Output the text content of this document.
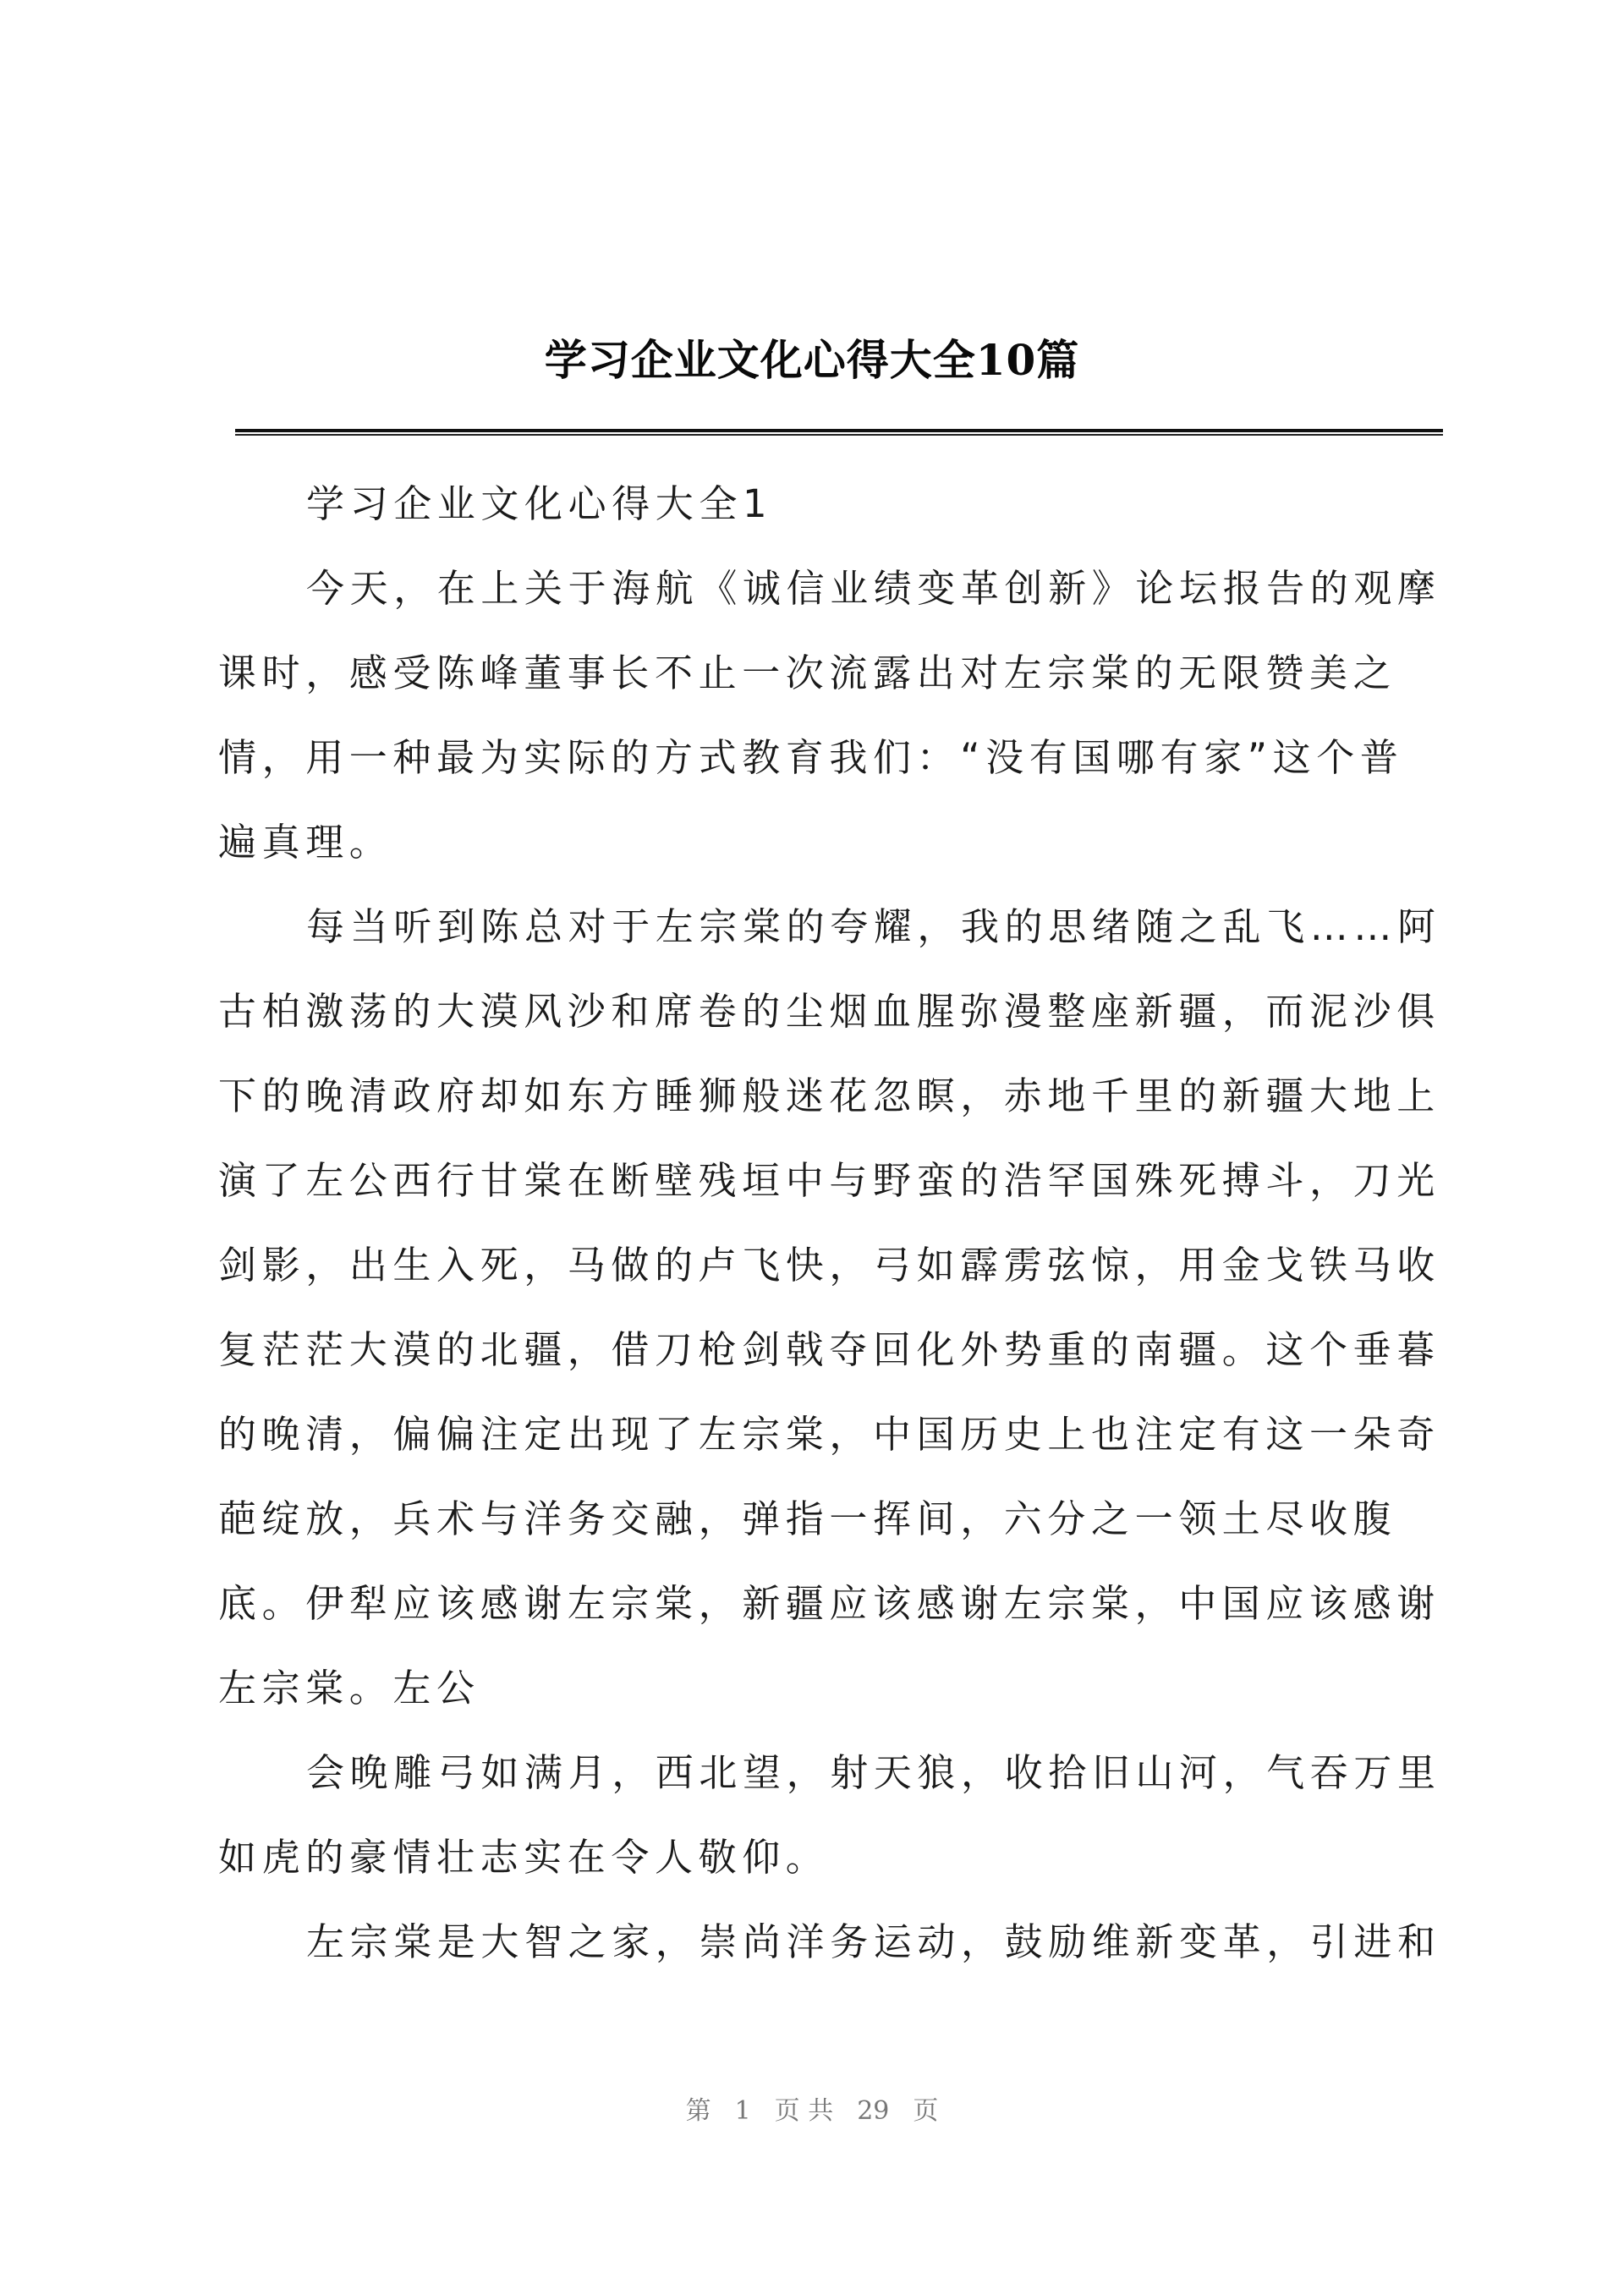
学习企业文化心得大全10篇
学习企业文化心得大全1
今天，在上关于海航《诚信业绩变革创新》论坛报告的观摩
课时，感受陈峰董事长不止一次流露出对左宗棠的无限赞美之
情，用一种最为实际的方式教育我们：“没有国哪有家”这个普
遍真理。
每当听到陈总对于左宗棠的夸耀，我的思绪随之乱飞……阿
古柏激荡的大漠风沙和席卷的尘烟血腥弥漫整座新疆，而泥沙俱
下的晚清政府却如东方睡狮般迷花忽瞑，赤地千里的新疆大地上
演了左公西行甘棠在断壁残垣中与野蛮的浩罕国殊死搏斗，刀光
剑影，出生入死，马做的卢飞快，弓如霹雳弦惊，用金戈铁马收
复茫茫大漠的北疆，借刀枪剑戟夺回化外势重的南疆。这个垂暮
的晚清，偏偏注定出现了左宗棠，中国历史上也注定有这一朵奇
葩绽放，兵术与洋务交融，弹指一挥间，六分之一领土尽收腹
底。伊犁应该感谢左宗棠，新疆应该感谢左宗棠，中国应该感谢
左宗棠。左公
会晚雕弓如满月，西北望，射天狼，收拾旧山河，气吞万里
如虎的豪情壮志实在令人敬仰。
左宗棠是大智之家，崇尚洋务运动，鼓励维新变革，引进和
第 1 页 共 29 页
